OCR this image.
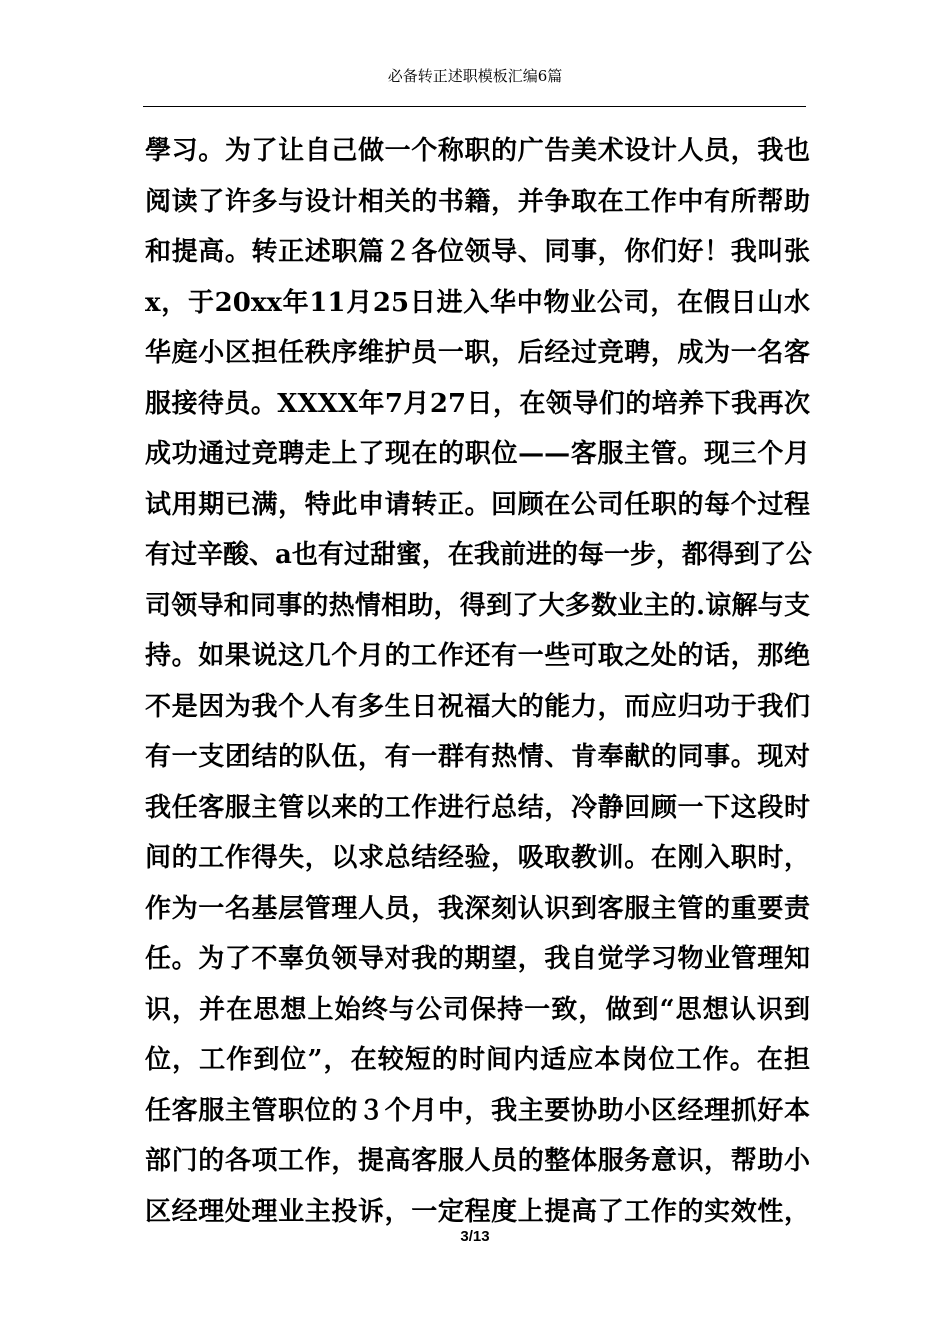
必备转正述职模板汇编6篇
學习。为了让自己做一个称职的广告美术设计人员，我也
阅读了许多与设计相关的书籍，并争取在工作中有所帮助
和提高。转正述职篇２各位领导、同事，你们好！我叫张
x，于20xx年11月25日进入华中物业公司，在假日山水
华庭小区担任秩序维护员一职，后经过竞聘，成为一名客
服接待员。XXXX年7月27日，在领导们的培养下我再次
成功通过竞聘走上了现在的职位——客服主管。现三个月
试用期已满，特此申请转正。回顾在公司任职的每个过程
有过辛酸、a也有过甜蜜，在我前进的每一步，都得到了公
司领导和同事的热情相助，得到了大多数业主的.谅解与支
持。如果说这几个月的工作还有一些可取之处的话，那绝
不是因为我个人有多生日祝福大的能力，而应归功于我们
有一支团结的队伍，有一群有热情、肯奉献的同事。现对
我任客服主管以来的工作进行总结，冷静回顾一下这段时
间的工作得失，以求总结经验，吸取教训。在刚入职时，
作为一名基层管理人员，我深刻认识到客服主管的重要责
任。为了不辜负领导对我的期望，我自觉学习物业管理知
识，并在思想上始终与公司保持一致，做到“思想认识到
位，工作到位”，在较短的时间内适应本岗位工作。在担
任客服主管职位的３个月中，我主要协助小区经理抓好本
部门的各项工作，提高客服人员的整体服务意识，帮助小
区经理处理业主投诉，一定程度上提高了工作的实效性，
3/13
